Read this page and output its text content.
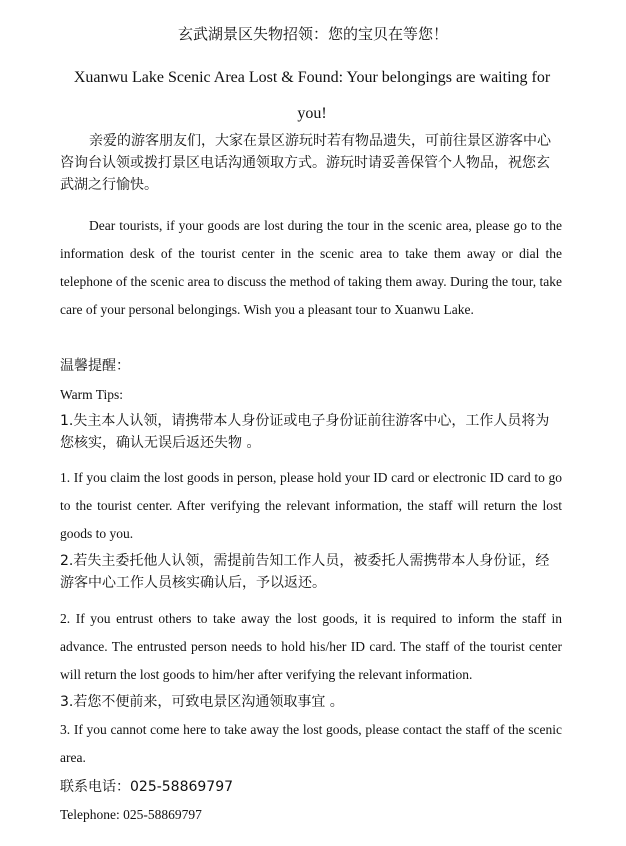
玄武湖景区失物招领：您的宝贝在等您！
Xuanwu Lake Scenic Area Lost & Found: Your belongings are waiting for you!
亲爱的游客朋友们，大家在景区游玩时若有物品遗失，可前往景区游客中心咨询台认领或拨打景区电话沟通领取方式。游玩时请妥善保管个人物品，祝您玄武湖之行愉快。
Dear tourists, if your goods are lost during the tour in the scenic area, please go to the information desk of the tourist center in the scenic area to take them away or dial the telephone of the scenic area to discuss the method of taking them away. During the tour, take care of your personal belongings. Wish you a pleasant tour to Xuanwu Lake.
温馨提醒：
Warm Tips:
1.失主本人认领，请携带本人身份证或电子身份证前往游客中心，工作人员将为您核实，确认无误后返还失物 。
1. If you claim the lost goods in person, please hold your ID card or electronic ID card to go to the tourist center. After verifying the relevant information, the staff will return the lost goods to you.
2.若失主委托他人认领，需提前告知工作人员，被委托人需携带本人身份证，经游客中心工作人员核实确认后，予以返还。
2. If you entrust others to take away the lost goods, it is required to inform the staff in advance. The entrusted person needs to hold his/her ID card. The staff of the tourist center will return the lost goods to him/her after verifying the relevant information.
3.若您不便前来，可致电景区沟通领取事宜 。
3. If you cannot come here to take away the lost goods, please contact the staff of the scenic area.
联系电话：025-58869797
Telephone: 025-58869797
